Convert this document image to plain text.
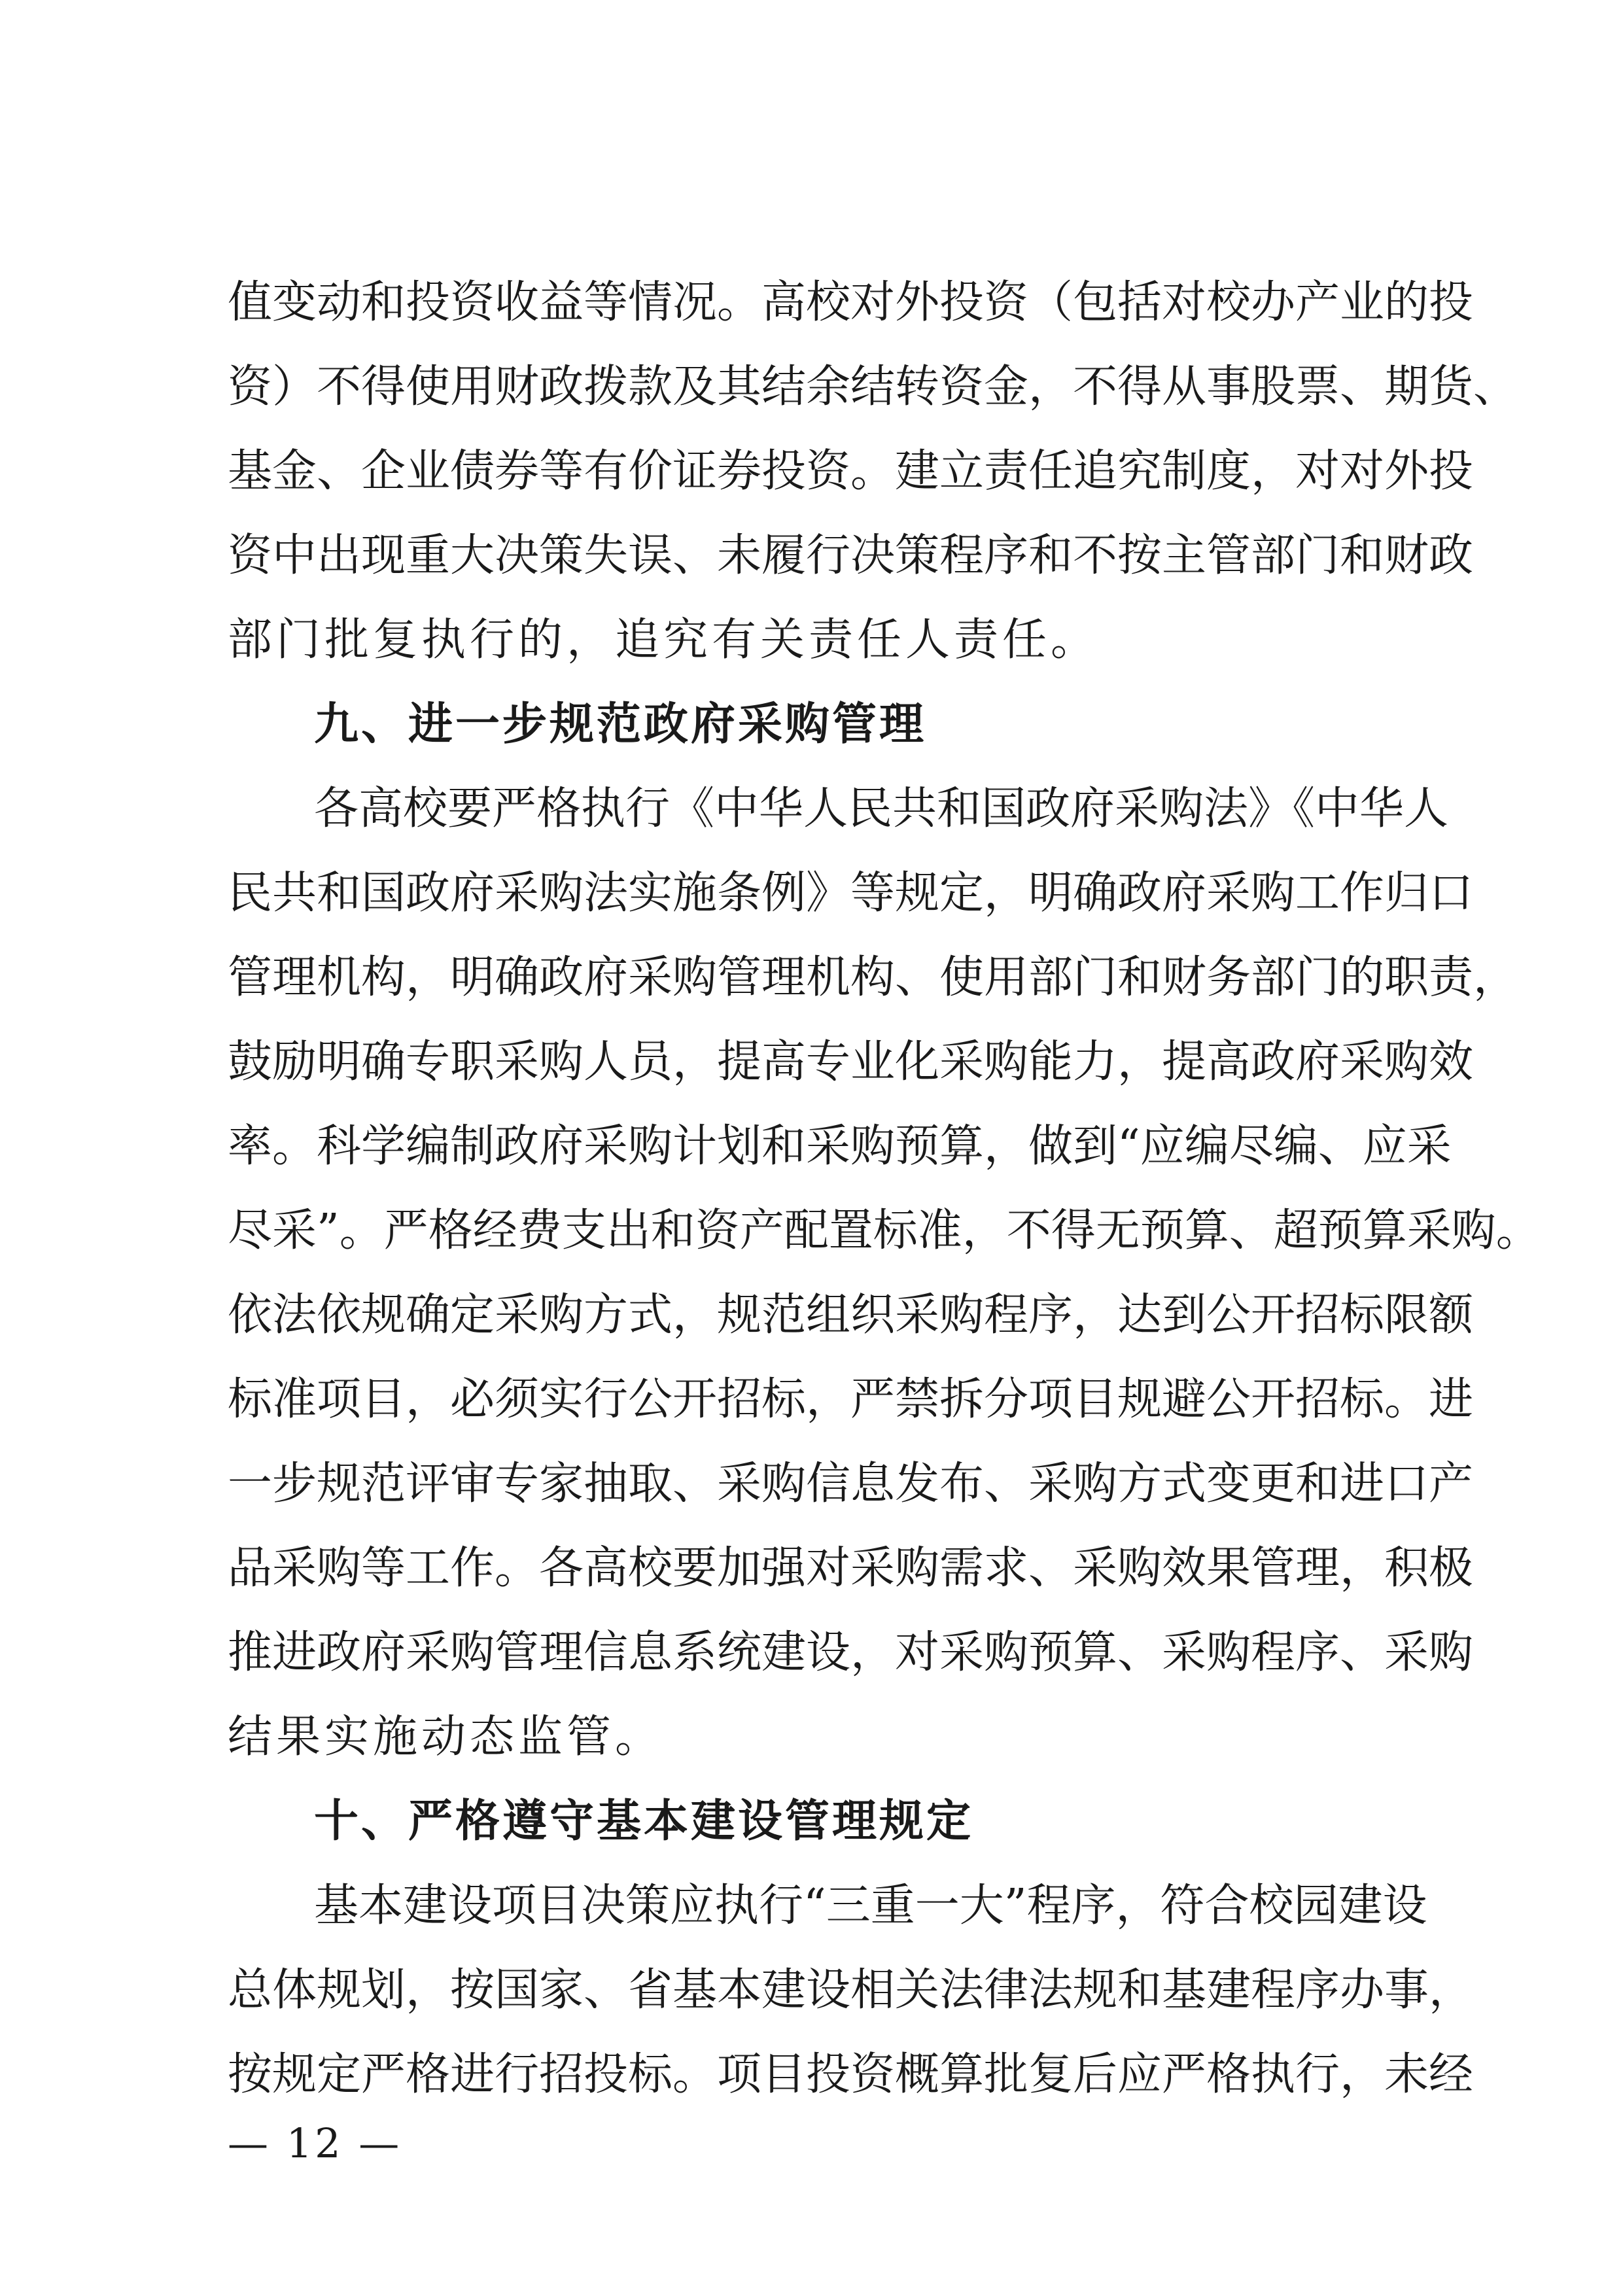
值变动和投资收益等情况。高校对外投资（包括对校办产业的投
资）不得使用财政拨款及其结余结转资金，不得从事股票、期货、
基金、企业债券等有价证券投资。建立责任追究制度，对对外投
资中出现重大决策失误、未履行决策程序和不按主管部门和财政
部门批复执行的，追究有关责任人责任。
九、进一步规范政府采购管理
各高校要严格执行《中华人民共和国政府采购法》《中华人
民共和国政府采购法实施条例》等规定，明确政府采购工作归口
管理机构，明确政府采购管理机构、使用部门和财务部门的职责，
鼓励明确专职采购人员，提高专业化采购能力，提高政府采购效
率。科学编制政府采购计划和采购预算，做到“应编尽编、应采
尽采”。严格经费支出和资产配置标准，不得无预算、超预算采购。
依法依规确定采购方式，规范组织采购程序，达到公开招标限额
标准项目，必须实行公开招标，严禁拆分项目规避公开招标。进
一步规范评审专家抽取、采购信息发布、采购方式变更和进口产
品采购等工作。各高校要加强对采购需求、采购效果管理，积极
推进政府采购管理信息系统建设，对采购预算、采购程序、采购
结果实施动态监管。
十、严格遵守基本建设管理规定
基本建设项目决策应执行“三重一大”程序，符合校园建设
总体规划，按国家、省基本建设相关法律法规和基建程序办事，
按规定严格进行招投标。项目投资概算批复后应严格执行，未经
— 12 —
